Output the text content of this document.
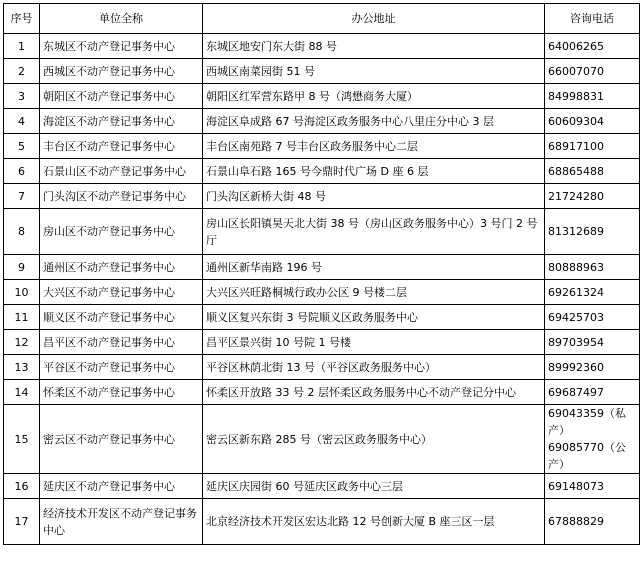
序号	单位全称	办公地址	咨询电话
1	东城区不动产登记事务中心	东城区地安门东大街 88 号	64006265

2	西城区不动产登记事务中心	西城区南菜园街 51 号	66007070

3	朝阳区不动产登记事务中心	朝阳区红军营东路甲 8 号（鸿懋商务大厦）	84998831

4	海淀区不动产登记事务中心	海淀区阜成路 67 号海淀区政务服务中心八里庄分中心 3 层	60609304

5	丰台区不动产登记事务中心	丰台区南苑路 7 号丰台区政务服务中心二层	68917100

6	石景山区不动产登记事务中心	石景山阜石路 165 号今鼎时代广场 D 座 6 层	68865488

7	门头沟区不动产登记事务中心	门头沟区新桥大街 48 号	21724280

8	房山区不动产登记事务中心	房山区长阳镇昊天北大街 38 号（房山区政务服务中心）3 号门 2 号厅	81312689

9	通州区不动产登记事务中心	通州区新华南路 196 号	80888963

10	大兴区不动产登记事务中心	大兴区兴旺路桐城行政办公区 9 号楼二层	69261324

11	顺义区不动产登记事务中心	顺义区复兴东街 3 号院顺义区政务服务中心	69425703

12	昌平区不动产登记事务中心	昌平区景兴街 10 号院 1 号楼	89703954

13	平谷区不动产登记事务中心	平谷区林荫北街 13 号（平谷区政务服务中心）	89992360

14	怀柔区不动产登记事务中心	怀柔区开放路 33 号 2 层怀柔区政务服务中心不动产登记分中心	69687497

15	密云区不动产登记事务中心	密云区新东路 285 号（密云区政务服务中心）	69043359（私产）
69085770（公产）

16	延庆区不动产登记事务中心	延庆区庆园街 60 号延庆区政务中心三层	69148073

17	经济技术开发区不动产登记事务中心	北京经济技术开发区宏达北路 12 号创新大厦 B 座三区一层	67888829
